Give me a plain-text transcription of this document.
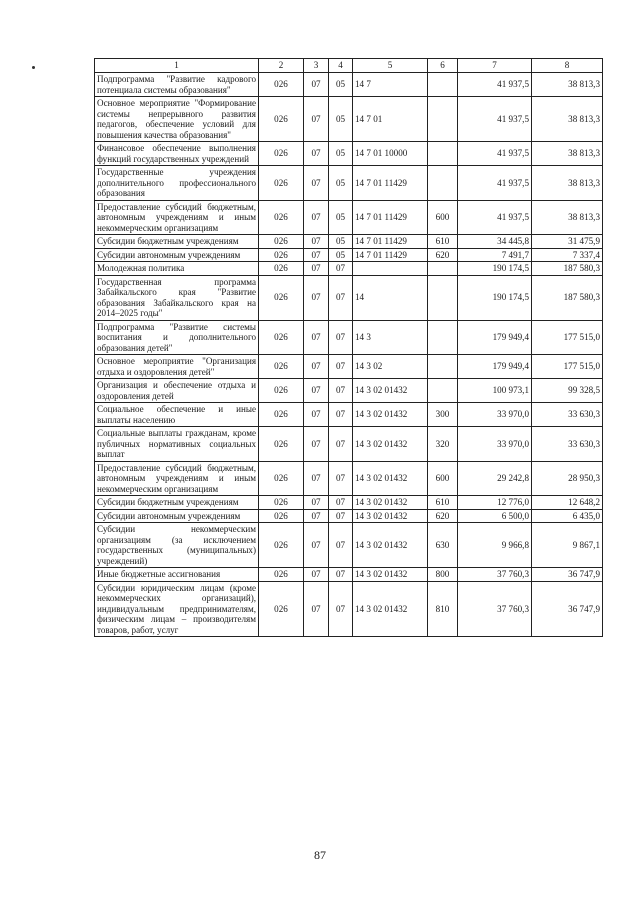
1	2	3	4	5	6	7	8
Подпрограмма "Развитие кадрового потенциала системы образования"	026	07	05	14 7		41 937,5	38 813,3
Основное мероприятие "Формирование системы непрерывного развития педагогов, обеспечение условий для повышения качества образования"	026	07	05	14 7 01		41 937,5	38 813,3
Финансовое обеспечение выполнения функций государственных учреждений	026	07	05	14 7 01 10000		41 937,5	38 813,3
Государственные учреждения дополнительного профессионального образования	026	07	05	14 7 01 11429		41 937,5	38 813,3
Предоставление субсидий бюджетным, автономным учреждениям и иным некоммерческим организациям	026	07	05	14 7 01 11429	600	41 937,5	38 813,3
Субсидии бюджетным учреждениям	026	07	05	14 7 01 11429	610	34 445,8	31 475,9
Субсидии автономным учреждениям	026	07	05	14 7 01 11429	620	7 491,7	7 337,4
Молодежная политика	026	07	07			190 174,5	187 580,3
Государственная программа Забайкальского края "Развитие образования Забайкальского края на 2014–2025 годы"	026	07	07	14		190 174,5	187 580,3
Подпрограмма "Развитие системы воспитания и дополнительного образования детей"	026	07	07	14 3		179 949,4	177 515,0
Основное мероприятие "Организация отдыха и оздоровления детей"	026	07	07	14 3 02		179 949,4	177 515,0
Организация и обеспечение отдыха и оздоровления детей	026	07	07	14 3 02 01432		100 973,1	99 328,5
Социальное обеспечение и иные выплаты населению	026	07	07	14 3 02 01432	300	33 970,0	33 630,3
Социальные выплаты гражданам, кроме публичных нормативных социальных выплат	026	07	07	14 3 02 01432	320	33 970,0	33 630,3
Предоставление субсидий бюджетным, автономным учреждениям и иным некоммерческим организациям	026	07	07	14 3 02 01432	600	29 242,8	28 950,3
Субсидии бюджетным учреждениям	026	07	07	14 3 02 01432	610	12 776,0	12 648,2
Субсидии автономным учреждениям	026	07	07	14 3 02 01432	620	6 500,0	6 435,0
Субсидии некоммерческим организациям (за исключением государственных (муниципальных) учреждений)	026	07	07	14 3 02 01432	630	9 966,8	9 867,1
Иные бюджетные ассигнования	026	07	07	14 3 02 01432	800	37 760,3	36 747,9
Субсидии юридическим лицам (кроме некоммерческих организаций), индивидуальным предпринимателям, физическим лицам – производителям товаров, работ, услуг	026	07	07	14 3 02 01432	810	37 760,3	36 747,9
87
